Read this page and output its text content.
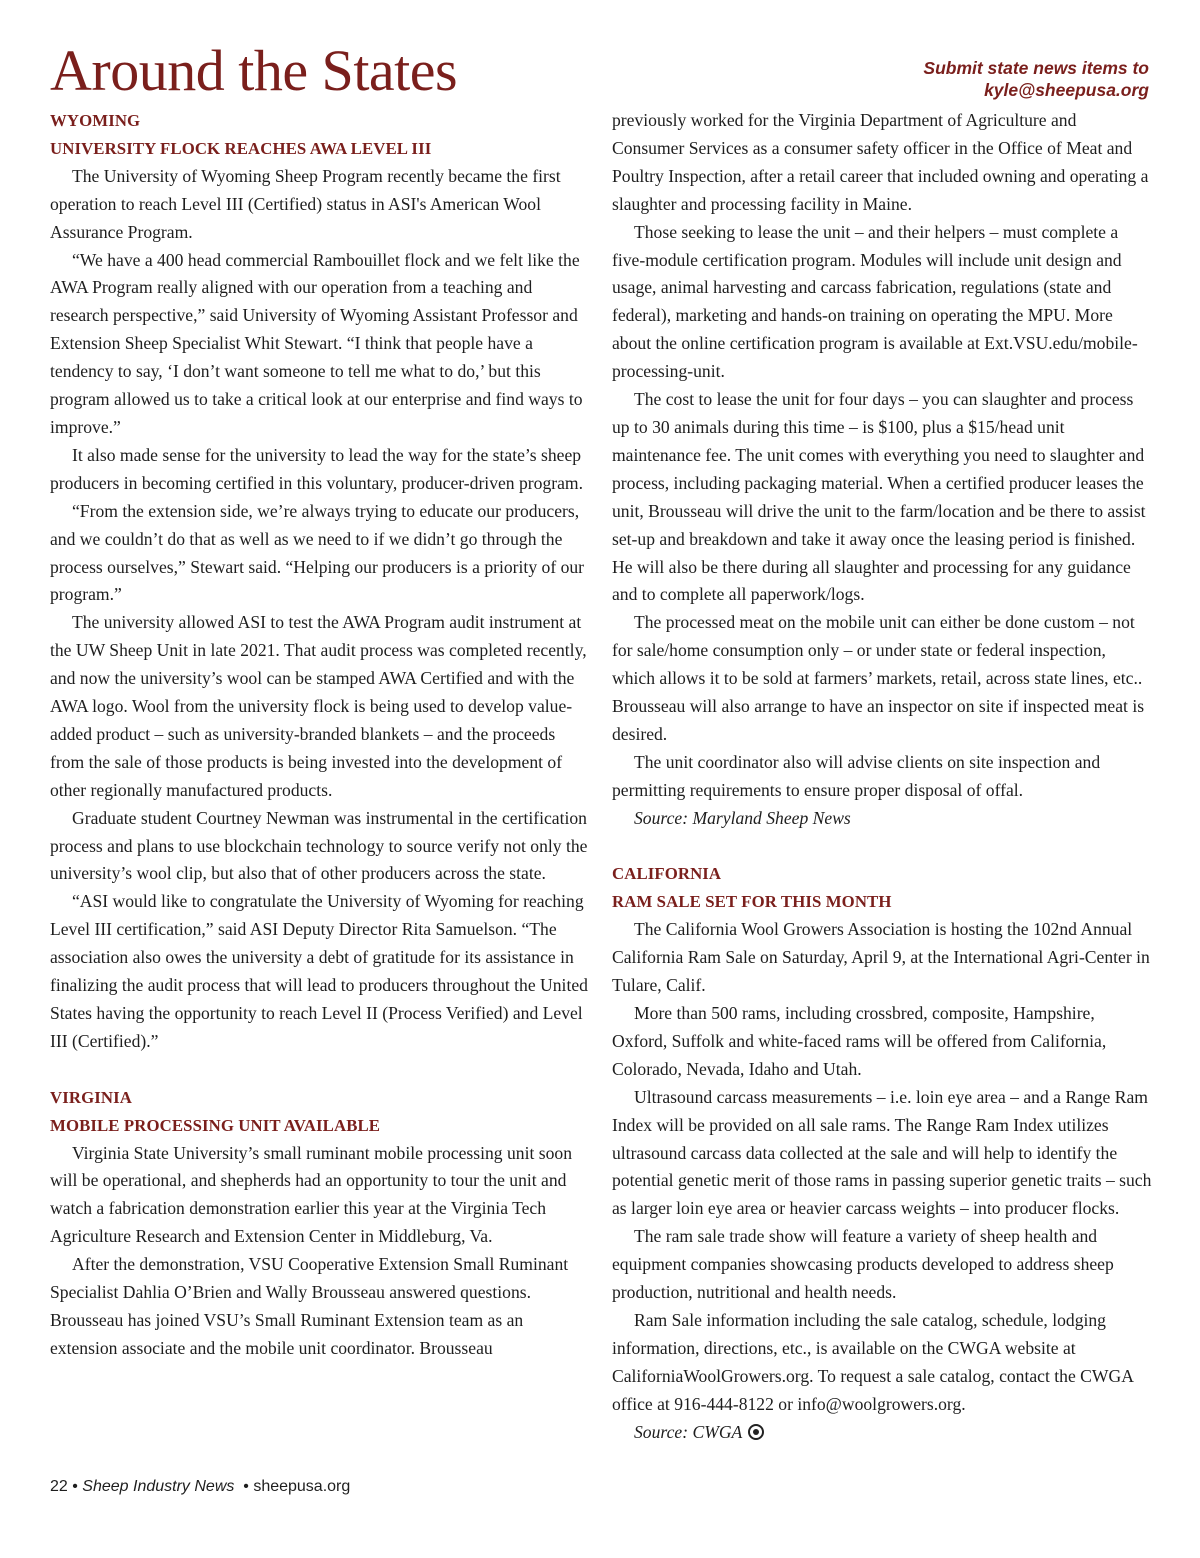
Around the States	Submit state news items to
kyle@sheepusa.org
WYOMING
UNIVERSITY FLOCK REACHES AWA LEVEL III

The University of Wyoming Sheep Program recently became the first operation to reach Level III (Certified) status in ASI's American Wool Assurance Program.

“We have a 400 head commercial Rambouillet flock and we felt like the AWA Program really aligned with our operation from a teaching and research perspective,” said University of Wyoming Assistant Professor and Extension Sheep Specialist Whit Stewart. “I think that people have a tendency to say, ‘I don’t want someone to tell me what to do,’ but this program allowed us to take a critical look at our enterprise and find ways to improve.”

It also made sense for the university to lead the way for the state’s sheep producers in becoming certified in this voluntary, producer-driven program.

“From the extension side, we’re always trying to educate our producers, and we couldn’t do that as well as we need to if we didn’t go through the process ourselves,” Stewart said. “Helping our producers is a priority of our program.”

The university allowed ASI to test the AWA Program audit instrument at the UW Sheep Unit in late 2021. That audit process was completed recently, and now the university’s wool can be stamped AWA Certified and with the AWA logo. Wool from the university flock is being used to develop value-added product – such as university-branded blankets – and the proceeds from the sale of those products is being invested into the development of other regionally manufactured products.

Graduate student Courtney Newman was instrumental in the certification process and plans to use blockchain technology to source verify not only the university’s wool clip, but also that of other producers across the state.

“ASI would like to congratulate the University of Wyoming for reaching Level III certification,” said ASI Deputy Director Rita Samuelson. “The association also owes the university a debt of gratitude for its assistance in finalizing the audit process that will lead to producers throughout the United States having the opportunity to reach Level II (Process Verified) and Level III (Certified).”

VIRGINIA
MOBILE PROCESSING UNIT AVAILABLE

Virginia State University’s small ruminant mobile processing unit soon will be operational, and shepherds had an opportunity to tour the unit and watch a fabrication demonstration earlier this year at the Virginia Tech Agriculture Research and Extension Center in Middleburg, Va.

After the demonstration, VSU Cooperative Extension Small Ruminant Specialist Dahlia O’Brien and Wally Brousseau answered questions. Brousseau has joined VSU’s Small Ruminant Extension team as an extension associate and the mobile unit coordinator. Brousseau

previously worked for the Virginia Department of Agriculture and Consumer Services as a consumer safety officer in the Office of Meat and Poultry Inspection, after a retail career that included owning and operating a slaughter and processing facility in Maine.

Those seeking to lease the unit – and their helpers – must complete a five-module certification program. Modules will include unit design and usage, animal harvesting and carcass fabrication, regulations (state and federal), marketing and hands-on training on operating the MPU. More about the online certification program is available at Ext.VSU.edu/mobile-processing-unit.

The cost to lease the unit for four days – you can slaughter and process up to 30 animals during this time – is $100, plus a $15/head unit maintenance fee. The unit comes with everything you need to slaughter and process, including packaging material. When a certified producer leases the unit, Brousseau will drive the unit to the farm/location and be there to assist set-up and breakdown and take it away once the leasing period is finished. He will also be there during all slaughter and processing for any guidance and to complete all paperwork/logs.

The processed meat on the mobile unit can either be done custom – not for sale/home consumption only – or under state or federal inspection, which allows it to be sold at farmers’ markets, retail, across state lines, etc.. Brousseau will also arrange to have an inspector on site if inspected meat is desired.

The unit coordinator also will advise clients on site inspection and permitting requirements to ensure proper disposal of offal.

Source: Maryland Sheep News

CALIFORNIA
RAM SALE SET FOR THIS MONTH

The California Wool Growers Association is hosting the 102nd Annual California Ram Sale on Saturday, April 9, at the International Agri-Center in Tulare, Calif.

More than 500 rams, including crossbred, composite, Hampshire, Oxford, Suffolk and white-faced rams will be offered from California, Colorado, Nevada, Idaho and Utah.

Ultrasound carcass measurements – i.e. loin eye area – and a Range Ram Index will be provided on all sale rams. The Range Ram Index utilizes ultrasound carcass data collected at the sale and will help to identify the potential genetic merit of those rams in passing superior genetic traits – such as larger loin eye area or heavier carcass weights – into producer flocks.

The ram sale trade show will feature a variety of sheep health and equipment companies showcasing products developed to address sheep production, nutritional and health needs.

Ram Sale information including the sale catalog, schedule, lodging information, directions, etc., is available on the CWGA website at CaliforniaWoolGrowers.org. To request a sale catalog, contact the CWGA office at 916-444-8122 or info@woolgrowers.org.

Source: CWGA

22 • Sheep Industry News  • sheepusa.org
